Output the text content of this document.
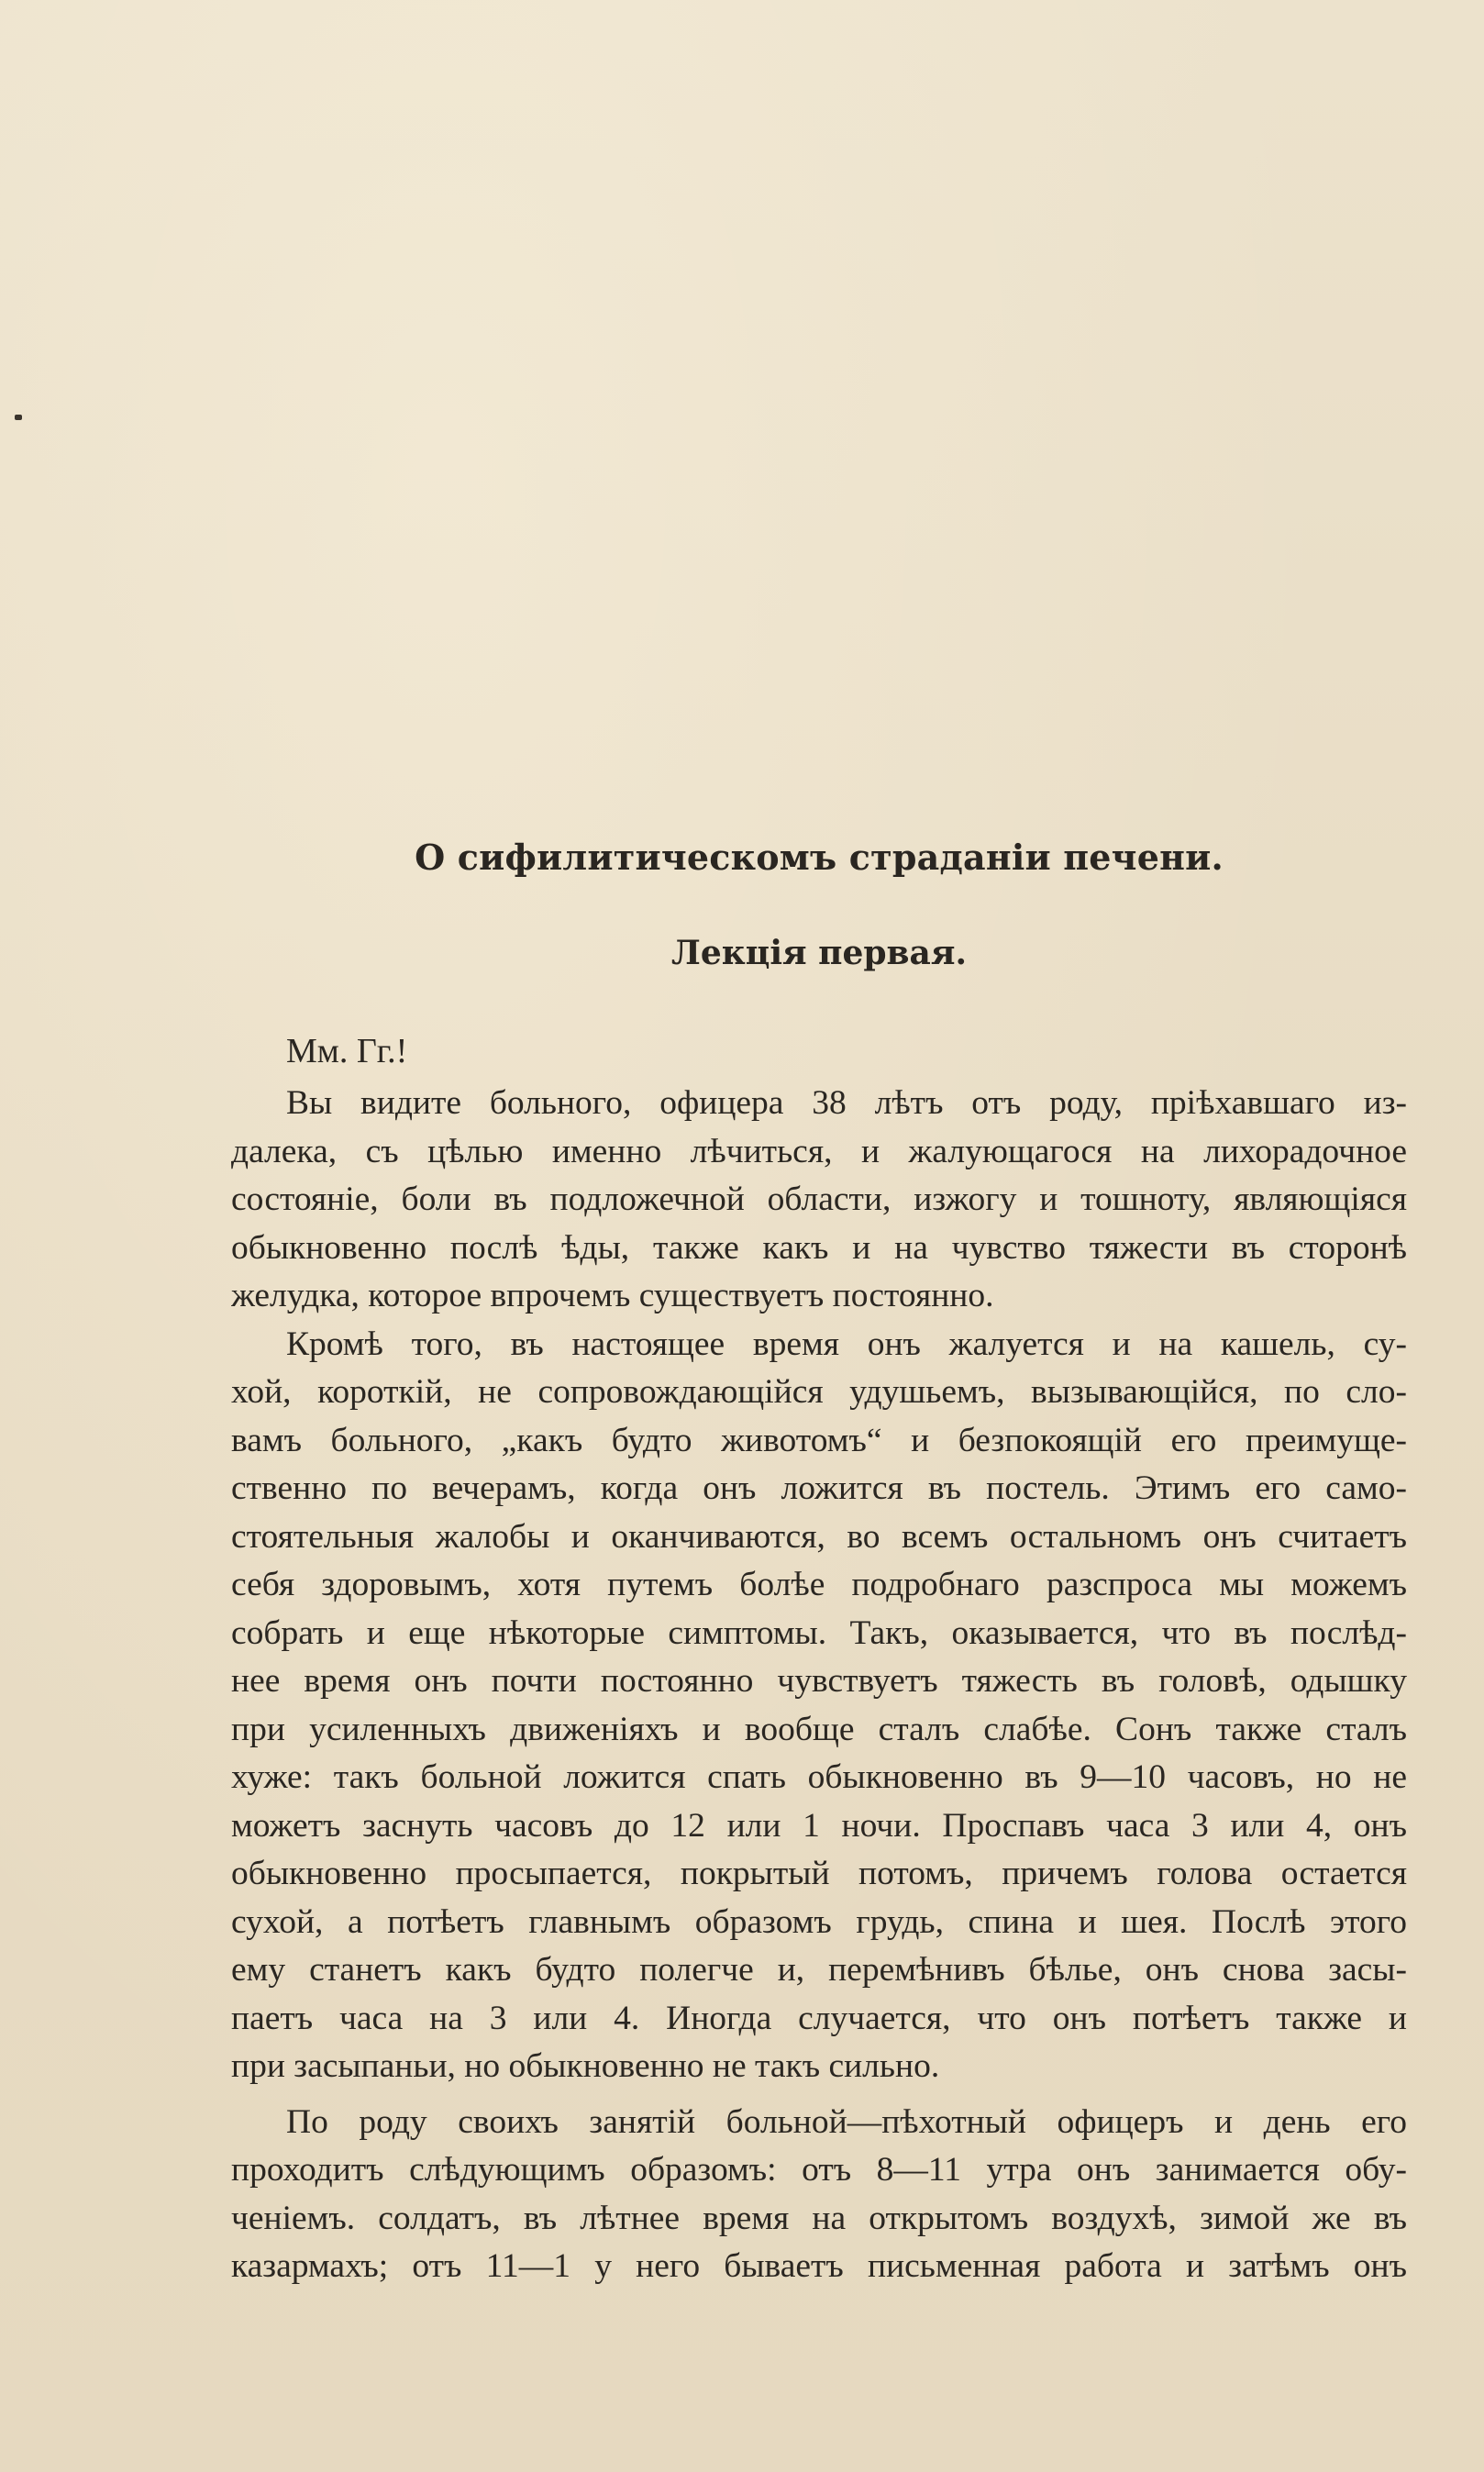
О сифилитическомъ страданіи печени.
Лекція первая.
Мм. Гг.!
Вы видите больного, офицера 38 лѣтъ отъ роду, пріѣхавшаго из-
далека, съ цѣлью именно лѣчиться, и жалующагося на лихорадочное
состояніе, боли въ подложечной области, изжогу и тошноту, являющіяся
обыкновенно послѣ ѣды, также какъ и на чувство тяжести въ сторонѣ
желудка, которое впрочемъ существуетъ постоянно.
Кромѣ того, въ настоящее время онъ жалуется и на кашель, су-
хой, короткій, не сопровождающійся удушьемъ, вызывающійся, по сло-
вамъ больного, „какъ будто животомъ“ и безпокоящій его преимуще-
ственно по вечерамъ, когда онъ ложится въ постель. Этимъ его само-
стоятельныя жалобы и оканчиваются, во всемъ остальномъ онъ считаетъ
себя здоровымъ, хотя путемъ болѣе подробнаго разспроса мы можемъ
собрать и еще нѣкоторые симптомы. Такъ, оказывается, что въ послѣд-
нее время онъ почти постоянно чувствуетъ тяжесть въ головѣ, одышку
при усиленныхъ движеніяхъ и вообще сталъ слабѣе. Сонъ также сталъ
хуже: такъ больной ложится спать обыкновенно въ 9—10 часовъ, но не
можетъ заснуть часовъ до 12 или 1 ночи. Проспавъ часа 3 или 4, онъ
обыкновенно просыпается, покрытый потомъ, причемъ голова остается
сухой, а потѣетъ главнымъ образомъ грудь, спина и шея. Послѣ этого
ему станетъ какъ будто полегче и, перемѣнивъ бѣлье, онъ снова засы-
паетъ часа на 3 или 4. Иногда случается, что онъ потѣетъ также и
при засыпаньи, но обыкновенно не такъ сильно.
По роду своихъ занятій больной—пѣхотный офицеръ и день его
проходитъ слѣдующимъ образомъ: отъ 8—11 утра онъ занимается обу-
ченіемъ. солдатъ, въ лѣтнее время на открытомъ воздухѣ, зимой же въ
казармахъ; отъ 11—1 у него бываетъ письменная работа и затѣмъ онъ
